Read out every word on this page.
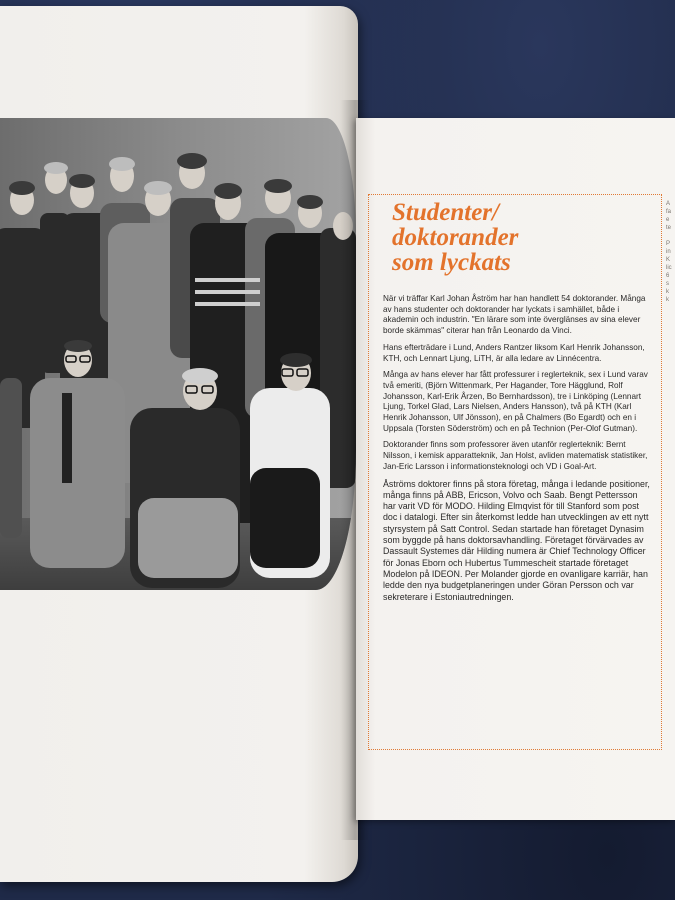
A
fa
e
te
P
in
K
lic
6
s
k
k
Studenter/
doktorander
som lyckats

När vi träffar Karl Johan Åström har han handlett 54 doktorander. Många av hans studenter och doktorander har lyckats i samhället, både i akademin och industrin. "En lärare som inte överglänses av sina elever borde skämmas" citerar han från Leonardo da Vinci.

Hans efterträdare i Lund, Anders Rantzer liksom Karl Henrik Johansson, KTH, och Lennart Ljung, LiTH, är alla ledare av Linnécentra.

Många av hans elever har fått professurer i reglerteknik, sex i Lund varav två emeriti, (Björn Wittenmark, Per Hagander, Tore Hägglund, Rolf Johansson, Karl-Erik Årzen, Bo Bernhardsson), tre i Linköping (Lennart Ljung, Torkel Glad, Lars Nielsen, Anders Hansson), två på KTH (Karl Henrik Johansson, Ulf Jönsson), en på Chalmers (Bo Egardt) och en i Uppsala (Torsten Söderström) och en på Technion (Per-Olof Gutman).

Doktorander finns som professorer även utanför reglerteknik: Bernt Nilsson, i kemisk apparatteknik, Jan Holst, avliden matematisk statistiker, Jan-Eric Larsson i informationsteknologi och VD i Goal-Art.

Åströms doktorer finns på stora företag, många i ledande positioner, många finns på ABB, Ericson, Volvo och Saab. Bengt Pettersson har varit VD för MODO. Hilding Elmqvist för till Stanford som post doc i datalogi. Efter sin återkomst ledde han utvecklingen av ett nytt styrsystem på Satt Control. Sedan startade han företaget Dynasim som byggde på hans doktorsavhandling. Företaget förvärvades av Dassault Systemes där Hilding numera är Chief Technology Officer för Jonas Eborn och Hubertus Tummescheit startade företaget Modelon på IDEON. Per Molander gjorde en ovanligare karriär, han ledde den nya budgetplaneringen under Göran Persson och var sekreterare i Estoniautredningen.
